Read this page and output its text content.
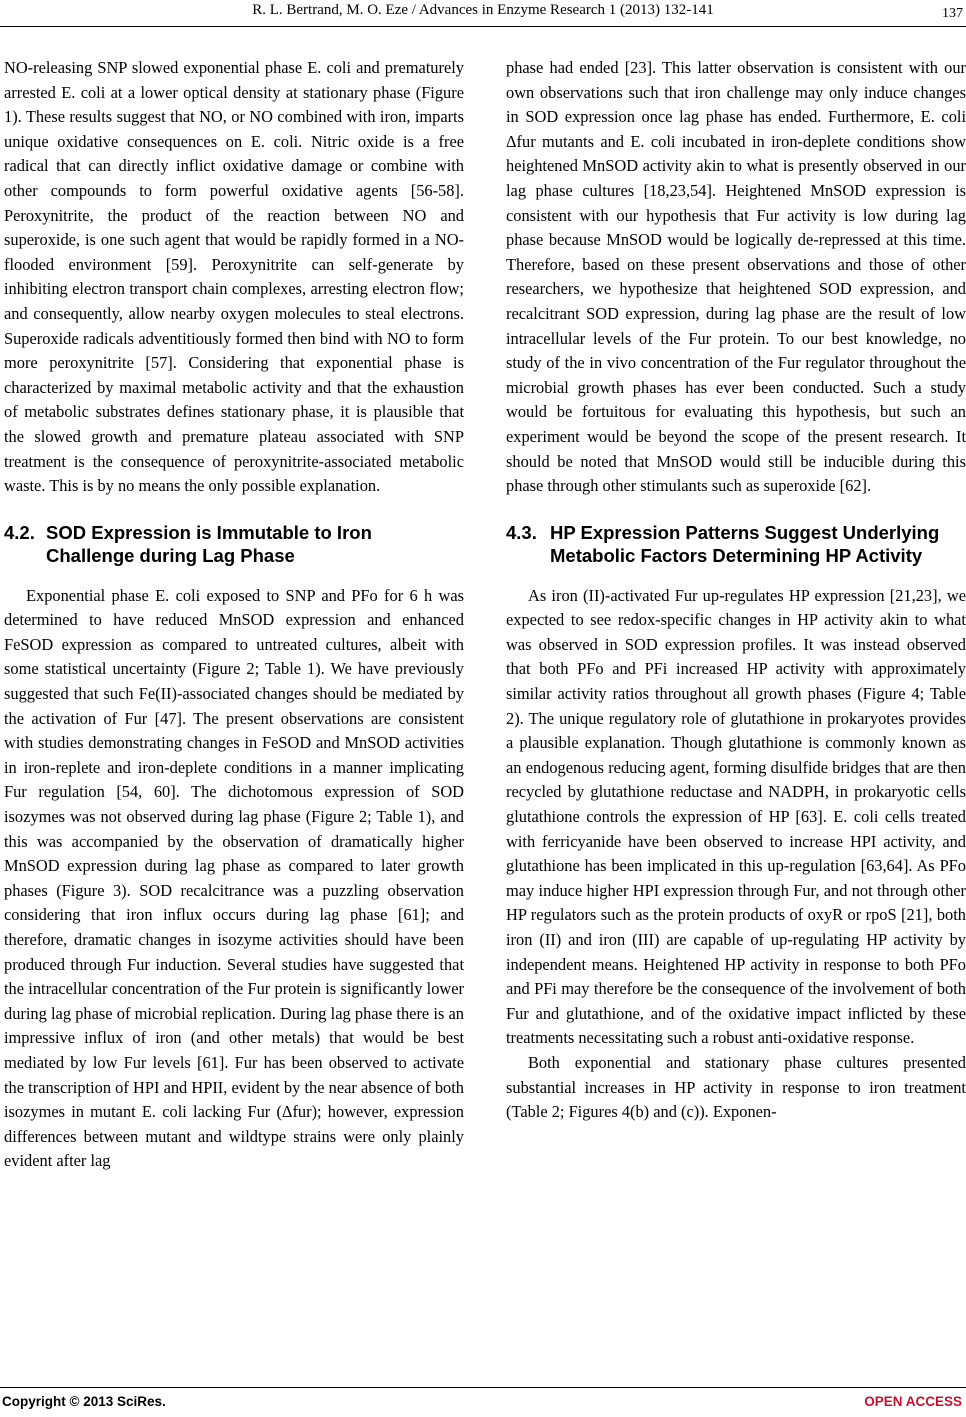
R. L. Bertrand, M. O. Eze / Advances in Enzyme Research 1 (2013) 132-141	137

NO-releasing SNP slowed exponential phase E. coli and prematurely arrested E. coli at a lower optical density at stationary phase (Figure 1). These results suggest that NO, or NO combined with iron, imparts unique oxidative consequences on E. coli. Nitric oxide is a free radical that can directly inflict oxidative damage or combine with other compounds to form powerful oxidative agents [56-58]. Peroxynitrite, the product of the reaction between NO and superoxide, is one such agent that would be rapidly formed in a NO-flooded environment [59]. Peroxynitrite can self-generate by inhibiting electron transport chain complexes, arresting electron flow; and consequently, allow nearby oxygen molecules to steal electrons. Superoxide radicals adventitiously formed then bind with NO to form more peroxynitrite [57]. Considering that exponential phase is characterized by maximal metabolic activity and that the exhaustion of metabolic substrates defines stationary phase, it is plausible that the slowed growth and premature plateau associated with SNP treatment is the consequence of peroxynitrite-associated metabolic waste. This is by no means the only possible explanation.

4.2. SOD Expression is Immutable to Iron Challenge during Lag Phase

Exponential phase E. coli exposed to SNP and PFo for 6 h was determined to have reduced MnSOD expression and enhanced FeSOD expression as compared to untreated cultures, albeit with some statistical uncertainty (Figure 2; Table 1). We have previously suggested that such Fe(II)-associated changes should be mediated by the activation of Fur [47]. The present observations are consistent with studies demonstrating changes in FeSOD and MnSOD activities in iron-replete and iron-deplete conditions in a manner implicating Fur regulation [54, 60]. The dichotomous expression of SOD isozymes was not observed during lag phase (Figure 2; Table 1), and this was accompanied by the observation of dramatically higher MnSOD expression during lag phase as compared to later growth phases (Figure 3). SOD recalcitrance was a puzzling observation considering that iron influx occurs during lag phase [61]; and therefore, dramatic changes in isozyme activities should have been produced through Fur induction. Several studies have suggested that the intracellular concentration of the Fur protein is significantly lower during lag phase of microbial replication. During lag phase there is an impressive influx of iron (and other metals) that would be best mediated by low Fur levels [61]. Fur has been observed to activate the transcription of HPI and HPII, evident by the near absence of both isozymes in mutant E. coli lacking Fur (Δfur); however, expression differences between mutant and wildtype strains were only plainly evident after lag

phase had ended [23]. This latter observation is consistent with our own observations such that iron challenge may only induce changes in SOD expression once lag phase has ended. Furthermore, E. coli Δfur mutants and E. coli incubated in iron-deplete conditions show heightened MnSOD activity akin to what is presently observed in our lag phase cultures [18,23,54]. Heightened MnSOD expression is consistent with our hypothesis that Fur activity is low during lag phase because MnSOD would be logically de-repressed at this time. Therefore, based on these present observations and those of other researchers, we hypothesize that heightened SOD expression, and recalcitrant SOD expression, during lag phase are the result of low intracellular levels of the Fur protein. To our best knowledge, no study of the in vivo concentration of the Fur regulator throughout the microbial growth phases has ever been conducted. Such a study would be fortuitous for evaluating this hypothesis, but such an experiment would be beyond the scope of the present research. It should be noted that MnSOD would still be inducible during this phase through other stimulants such as superoxide [62].

4.3. HP Expression Patterns Suggest Underlying Metabolic Factors Determining HP Activity

As iron (II)-activated Fur up-regulates HP expression [21,23], we expected to see redox-specific changes in HP activity akin to what was observed in SOD expression profiles. It was instead observed that both PFo and PFi increased HP activity with approximately similar activity ratios throughout all growth phases (Figure 4; Table 2). The unique regulatory role of glutathione in prokaryotes provides a plausible explanation. Though glutathione is commonly known as an endogenous reducing agent, forming disulfide bridges that are then recycled by glutathione reductase and NADPH, in prokaryotic cells glutathione controls the expression of HP [63]. E. coli cells treated with ferricyanide have been observed to increase HPI activity, and glutathione has been implicated in this up-regulation [63,64]. As PFo may induce higher HPI expression through Fur, and not through other HP regulators such as the protein products of oxyR or rpoS [21], both iron (II) and iron (III) are capable of up-regulating HP activity by independent means. Heightened HP activity in response to both PFo and PFi may therefore be the consequence of the involvement of both Fur and glutathione, and of the oxidative impact inflicted by these treatments necessitating such a robust anti-oxidative response.

Both exponential and stationary phase cultures presented substantial increases in HP activity in response to iron treatment (Table 2; Figures 4(b) and (c)). Exponen-

Copyright © 2013 SciRes.	OPEN ACCESS
